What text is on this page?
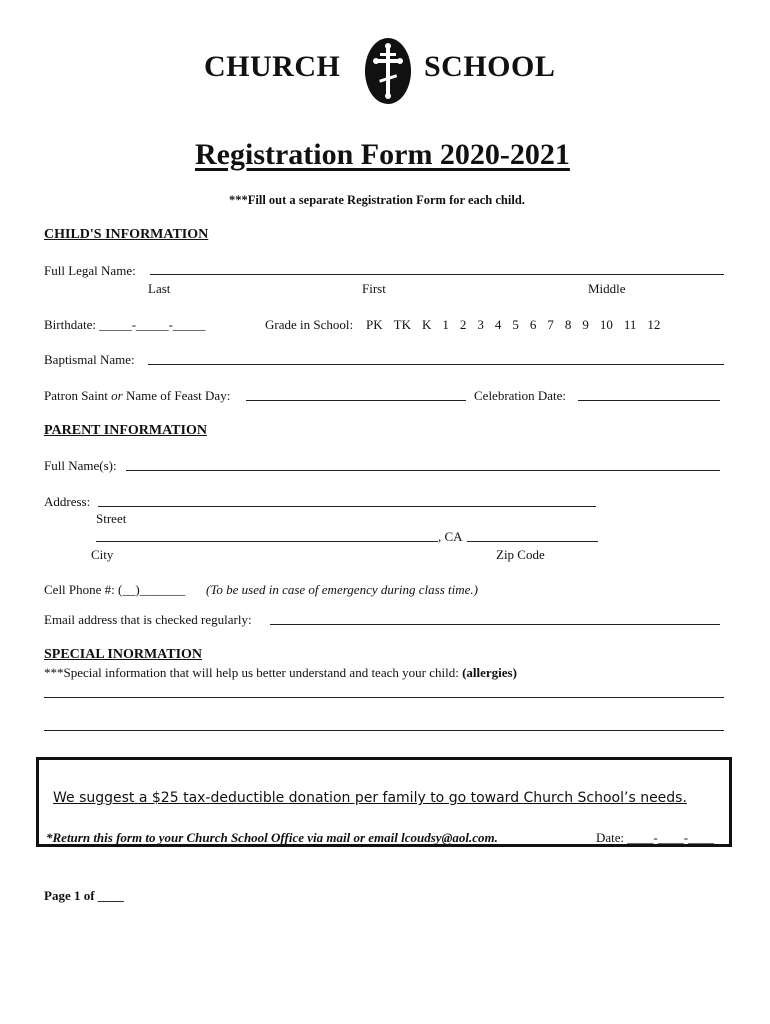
CHURCH	SCHOOL
Registration Form 2020-2021
***Fill out a separate Registration Form for each child.
CHILD'S INFORMATION
Full Legal Name:
Last	First	Middle
Birthdate: _____-_____-_____	Grade in School: PK TK K 1 2 3 4 5 6 7 8 9 10 11 12
Baptismal Name:
Patron Saint or Name of Feast Day:	Celebration Date:
PARENT INFORMATION
Full Name(s):
Address:
Street
, CA
City	Zip Code
Cell Phone #: (__)_______ (To be used in case of emergency during class time.)
Email address that is checked regularly:
SPECIAL INORMATION
***Special information that will help us better understand and teach your child: (allergies)
We suggest a $25 tax-deductible donation per family to go toward Church School’s needs.
*Return this form to your Church School Office via mail or email lcoudsy@aol.com.	Date: ____-____-____
Page 1 of ____
